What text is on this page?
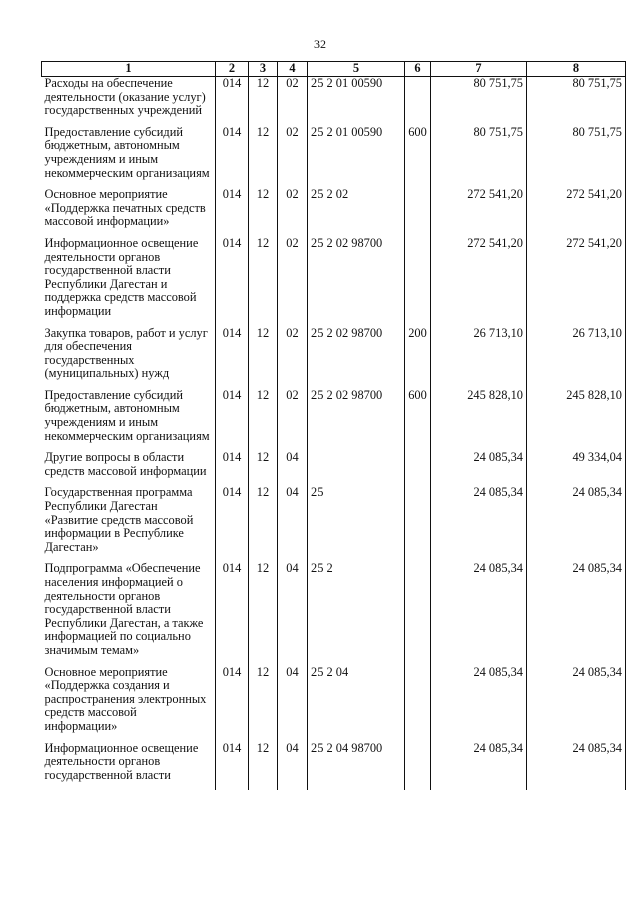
32
1	2	3	4	5	6	7	8
Расходы на обеспечение деятельности (оказание услуг) государственных учреждений	014	12	02	25 2 01 00590		80 751,75	80 751,75

Предоставление субсидий бюджетным, автономным учреждениям и иным некоммерческим организациям	014	12	02	25 2 01 00590	600	80 751,75	80 751,75

Основное мероприятие «Поддержка печатных средств массовой информации»	014	12	02	25 2 02		272 541,20	272 541,20

Информационное освещение деятельности органов государственной власти Республики Дагестан и поддержка средств массовой информации	014	12	02	25 2 02 98700		272 541,20	272 541,20

Закупка товаров, работ и услуг для обеспечения государственных (муниципальных) нужд	014	12	02	25 2 02 98700	200	26 713,10	26 713,10

Предоставление субсидий бюджетным, автономным учреждениям и иным некоммерческим организациям	014	12	02	25 2 02 98700	600	245 828,10	245 828,10

Другие вопросы в области средств массовой информации	014	12	04			24 085,34	49 334,04

Государственная программа Республики Дагестан «Развитие средств массовой информации в Республике Дагестан»	014	12	04	25		24 085,34	24 085,34

Подпрограмма «Обеспечение населения информацией о деятельности органов государственной власти Республики Дагестан, а также информацией по социально значимым темам»	014	12	04	25 2		24 085,34	24 085,34

Основное мероприятие «Поддержка создания и распространения электронных средств массовой информации»	014	12	04	25 2 04		24 085,34	24 085,34

Информационное освещение деятельности органов государственной власти	014	12	04	25 2 04 98700		24 085,34	24 085,34
